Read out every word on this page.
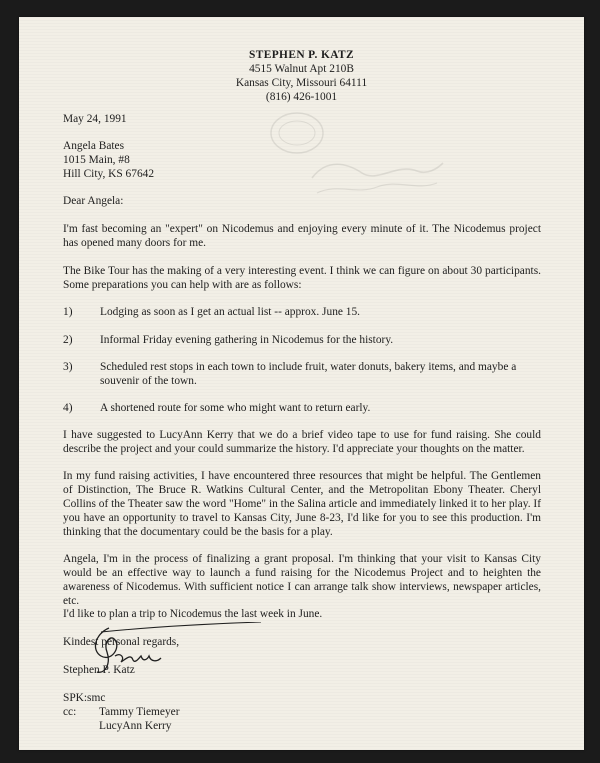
STEPHEN P. KATZ
4515 Walnut Apt 210B
Kansas City, Missouri 64111
(816) 426-1001
May 24, 1991
Angela Bates
1015 Main, #8
Hill City, KS 67642
Dear Angela:
I'm fast becoming an "expert" on Nicodemus and enjoying every minute of it. The Nicodemus project has opened many doors for me.
The Bike Tour has the making of a very interesting event. I think we can figure on about 30 participants. Some preparations you can help with are as follows:
1) Lodging as soon as I get an actual list -- approx. June 15.
2) Informal Friday evening gathering in Nicodemus for the history.
3) Scheduled rest stops in each town to include fruit, water donuts, bakery items, and maybe a souvenir of the town.
4) A shortened route for some who might want to return early.
I have suggested to LucyAnn Kerry that we do a brief video tape to use for fund raising. She could describe the project and your could summarize the history. I'd appreciate your thoughts on the matter.
In my fund raising activities, I have encountered three resources that might be helpful. The Gentlemen of Distinction, The Bruce R. Watkins Cultural Center, and the Metropolitan Ebony Theater. Cheryl Collins of the Theater saw the word "Home" in the Salina article and immediately linked it to her play. If you have an opportunity to travel to Kansas City, June 8-23, I'd like for you to see this production. I'm thinking that the documentary could be the basis for a play.
Angela, I'm in the process of finalizing a grant proposal. I'm thinking that your visit to Kansas City would be an effective way to launch a fund raising for the Nicodemus Project and to heighten the awareness of Nicodemus. With sufficient notice I can arrange talk show interviews, newspaper articles, etc.
I'd like to plan a trip to Nicodemus the last week in June.
Kindest personal regards,
Stephen P. Katz
SPK:smc
cc: Tammy Tiemeyer
LucyAnn Kerry
